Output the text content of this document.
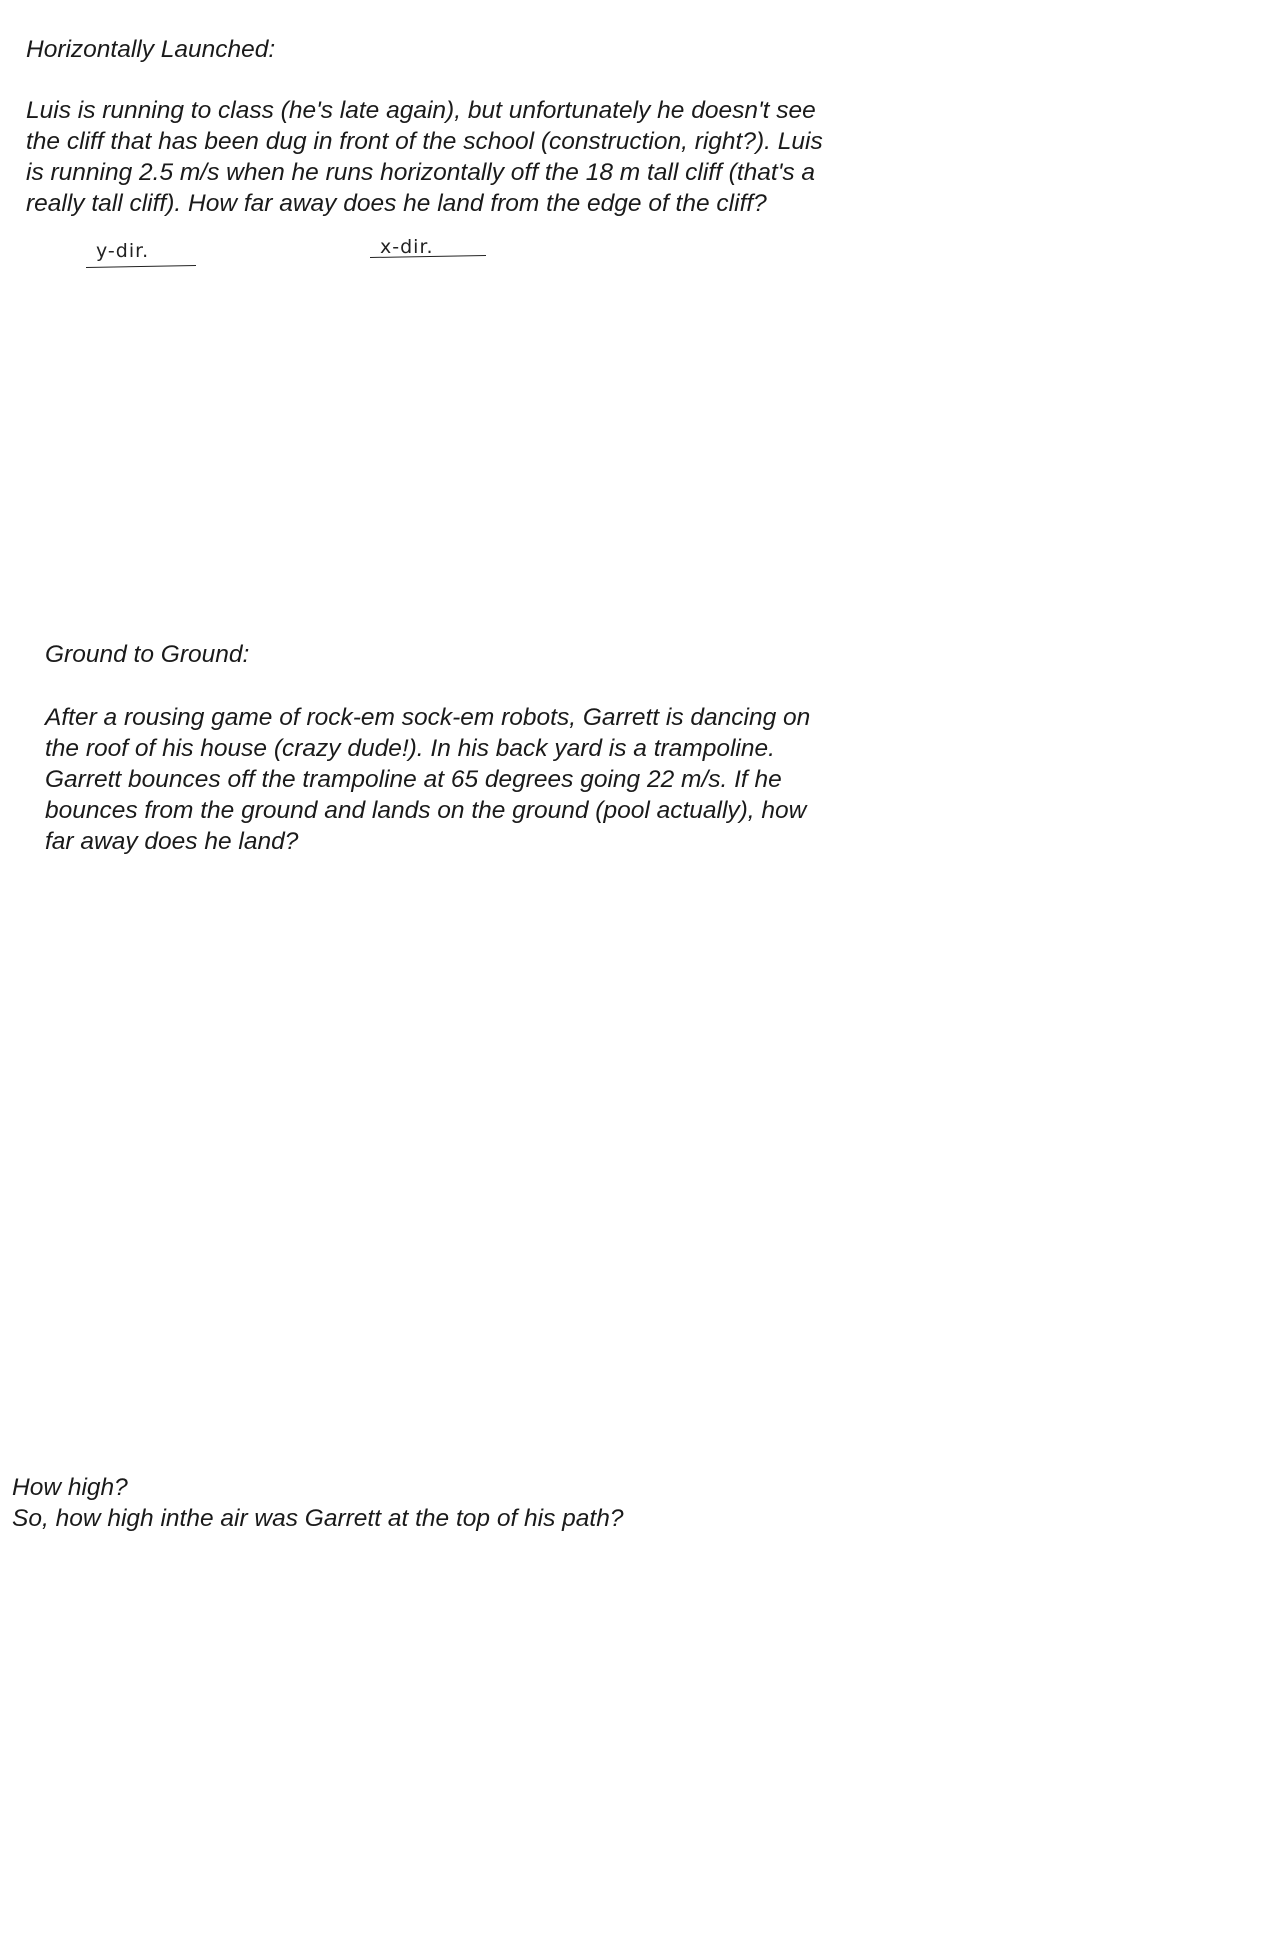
Horizontally Launched:

Luis is running to class (he's late again), but unfortunately he doesn't see
the cliff that has been dug in front of the school (construction, right?). Luis
is running 2.5 m/s when he runs horizontally off the 18 m tall cliff (that's a
really tall cliff). How far away does he land from the edge of the cliff?

y-dir.	x-dir.

Ground to Ground:

After a rousing game of rock-em sock-em robots, Garrett is dancing on
the roof of his house (crazy dude!). In his back yard is a trampoline.
Garrett bounces off the trampoline at 65 degrees going 22 m/s. If he
bounces from the ground and lands on the ground (pool actually), how
far away does he land?

How high?

So, how high inthe air was Garrett at the top of his path?
